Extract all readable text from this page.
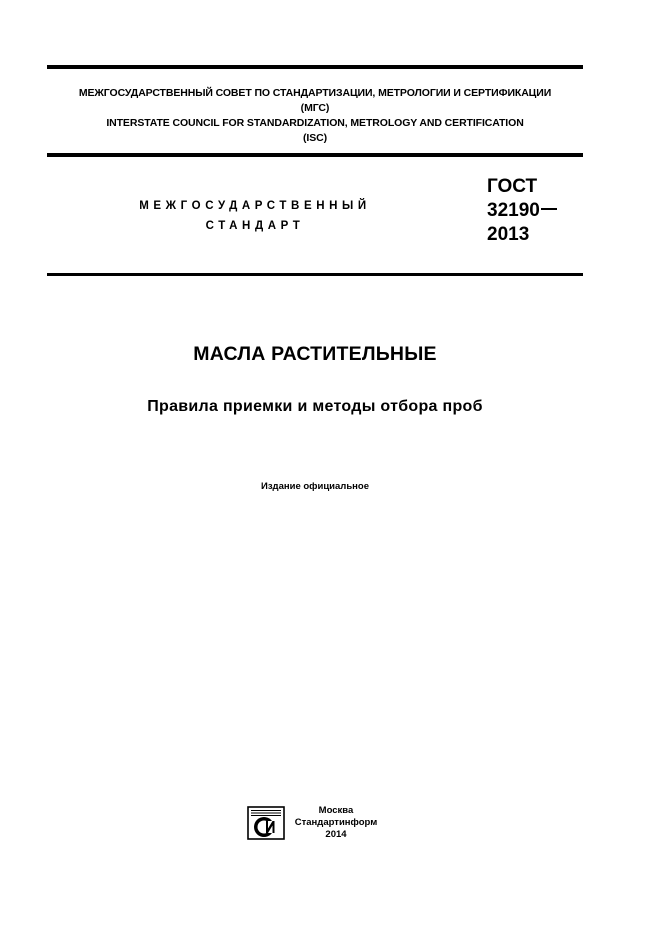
МЕЖГОСУДАРСТВЕННЫЙ СОВЕТ ПО СТАНДАРТИЗАЦИИ, МЕТРОЛОГИИ И СЕРТИФИКАЦИИ
(МГС)
INTERSTATE COUNCIL FOR STANDARDIZATION, METROLOGY AND CERTIFICATION
(ISC)
МЕЖГОСУДАРСТВЕННЫЙ
СТАНДАРТ
ГОСТ
32190
2013
МАСЛА РАСТИТЕЛЬНЫЕ
Правила приемки и методы отбора проб
Издание официальное
Москва
Стандартинформ
2014
